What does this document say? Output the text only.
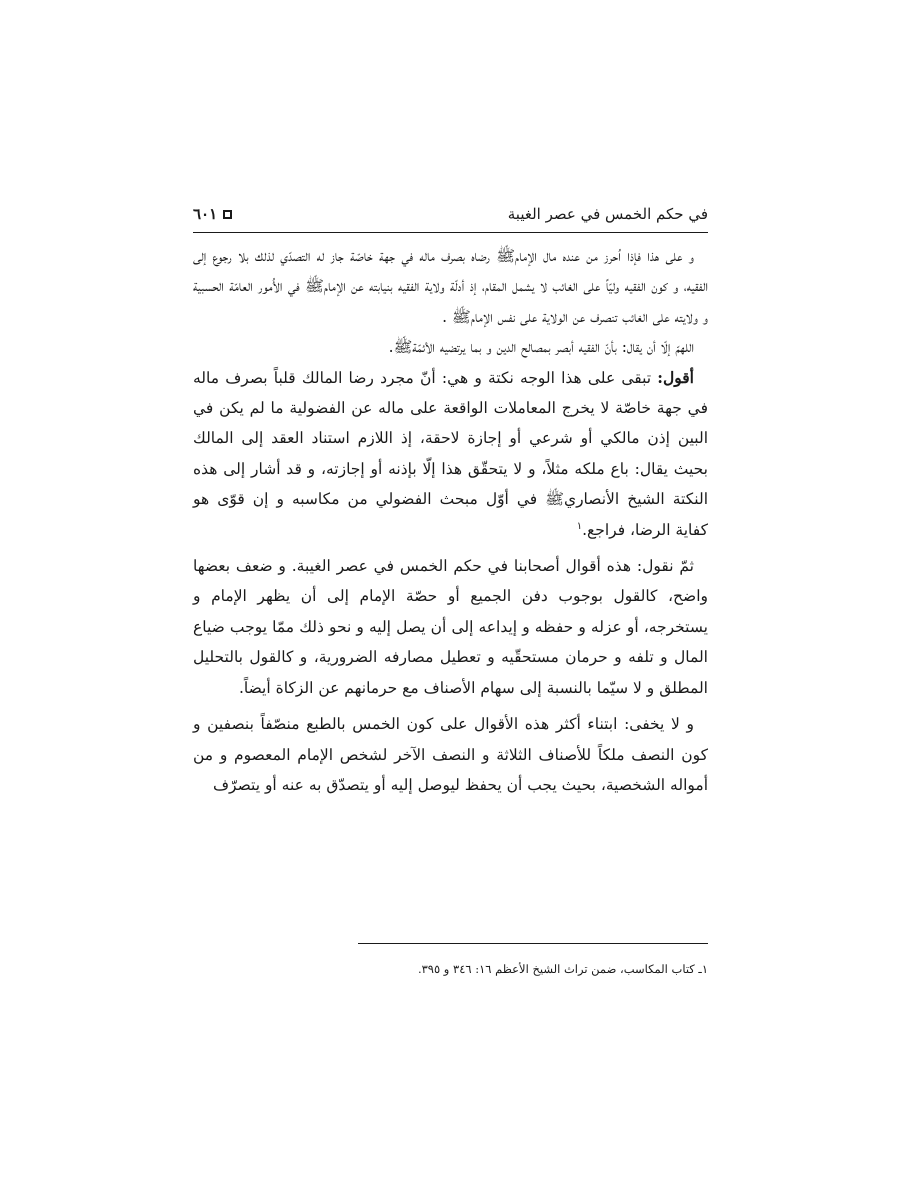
في حكم الخمس في عصر الغيبة
٦٠١

و على هذا فإذا اُحرز من عنده مال الإمام‌ﷺ رضاه بصرف ماله في جهة خاصّة جاز له التصدّي لذلك بلا رجوع إلى الفقيه، و كون الفقيه وليّاً على الغائب لا يشمل المقام، إذ أدلّة ولاية الفقيه بنيابته عن الإمام‌ﷺ في الأُمور العامّة الحسبية و ولايته على الغائب تنصرف عن الولاية على نفس الإمام‌ﷺ .

اللهمّ إلّا أن يقال: بأنّ الفقيه أبصر بمصالح الدين و بما يرتضيه الأئمّة‌ﷺ.

أقول: تبقى على هذا الوجه نكتة و هي: أنّ مجرد رضا المالك قلباً بصرف ماله في جهة خاصّة لا يخرج المعاملات الواقعة على ماله عن الفضولية ما لم يكن في البين إذن مالكي أو شرعي أو إجازة لاحقة، إذ اللازم استناد العقد إلى المالك بحيث يقال: باع ملكه مثلاً، و لا يتحقّق هذا إلّا بإذنه أو إجازته، و قد أشار إلى هذه النكتة الشيخ الأنصاري‌ﷺ في أوّل مبحث الفضولي من مكاسبه و إن قوّى هو كفاية الرضا، فراجع.$^١$

ثمّ نقول: هذه أقوال أصحابنا في حكم الخمس في عصر الغيبة. و ضعف بعضها واضح، كالقول بوجوب دفن الجميع أو حصّة الإمام إلى أن يظهر الإمام و يستخرجه، أو عزله و حفظه و إيداعه إلى أن يصل إليه و نحو ذلك ممّا يوجب ضياع المال و تلفه و حرمان مستحقّيه و تعطيل مصارفه الضرورية، و كالقول بالتحليل المطلق و لا سيّما بالنسبة إلى سهام الأصناف مع حرمانهم عن الزكاة أيضاً.

و لا يخفى: ابتناء أكثر هذه الأقوال على كون الخمس بالطبع منصّفاً بنصفين و كون النصف ملكاً للأصناف الثلاثة و النصف الآخر لشخص الإمام المعصوم و من أمواله الشخصية، بحيث يجب أن يحفظ ليوصل إليه أو يتصدّق به عنه أو يتصرّف

١ـ كتاب المكاسب، ضمن تراث الشيخ الأعظم ١٦: ٣٤٦ و ٣٩٥.
